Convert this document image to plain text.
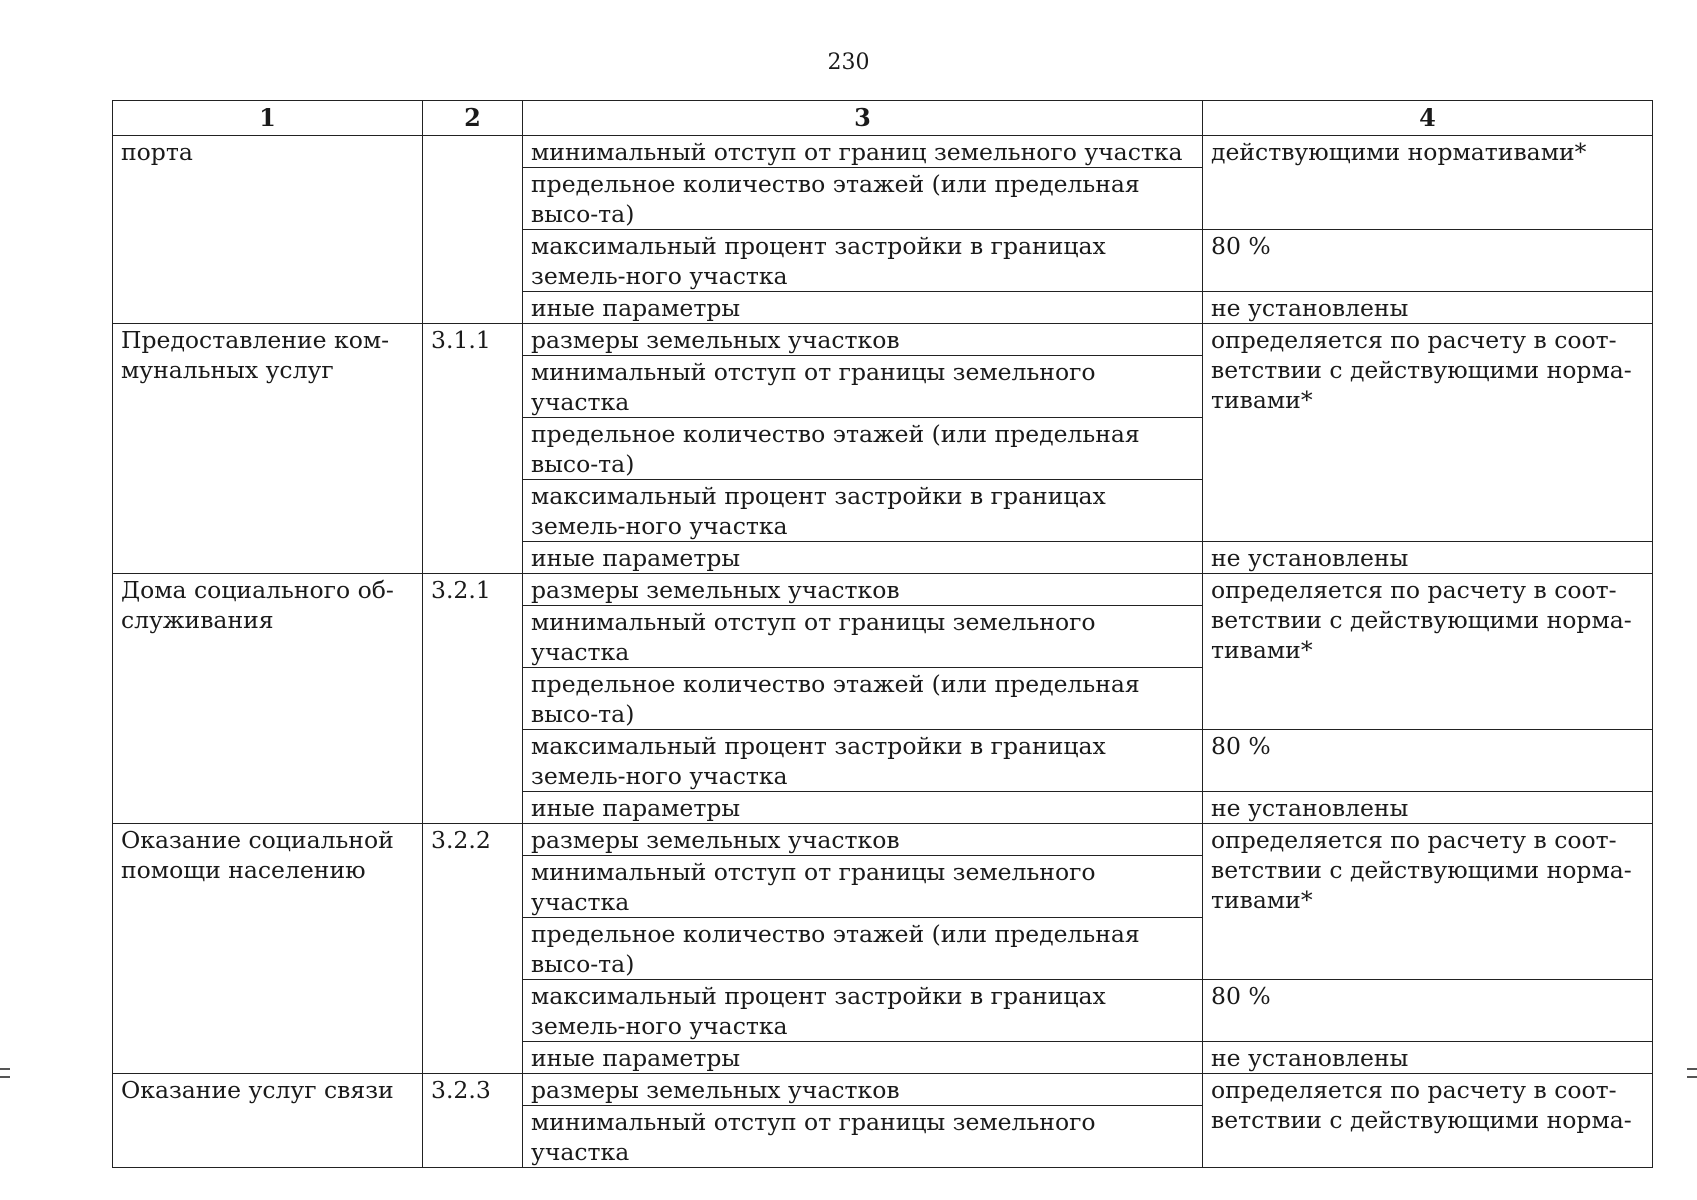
230
1	2	3	4
порта		минимальный отступ от границ земельного участка	действующими нормативами*
		предельное количество этажей (или предельная высо-та)	
		максимальный процент застройки в границах земель-ного участка	80 %
		иные параметры	не установлены
Предоставление ком-мунальных услуг	3.1.1	размеры земельных участков	определяется по расчету в соот-ветствии с действующими норма-тивами*
		минимальный отступ от границы земельного участка	
		предельное количество этажей (или предельная высо-та)	
		максимальный процент застройки в границах земель-ного участка	
		иные параметры	не установлены
Дома социального об-служивания	3.2.1	размеры земельных участков	определяется по расчету в соот-ветствии с действующими норма-тивами*
		минимальный отступ от границы земельного участка	
		предельное количество этажей (или предельная высо-та)	
		максимальный процент застройки в границах земель-ного участка	80 %
		иные параметры	не установлены
Оказание социальной помощи населению	3.2.2	размеры земельных участков	определяется по расчету в соот-ветствии с действующими норма-тивами*
		минимальный отступ от границы земельного участка	
		предельное количество этажей (или предельная высо-та)	
		максимальный процент застройки в границах земель-ного участка	80 %
		иные параметры	не установлены
Оказание услуг связи	3.2.3	размеры земельных участков	определяется по расчету в соот-ветствии с действующими норма-
		минимальный отступ от границы земельного участка	
